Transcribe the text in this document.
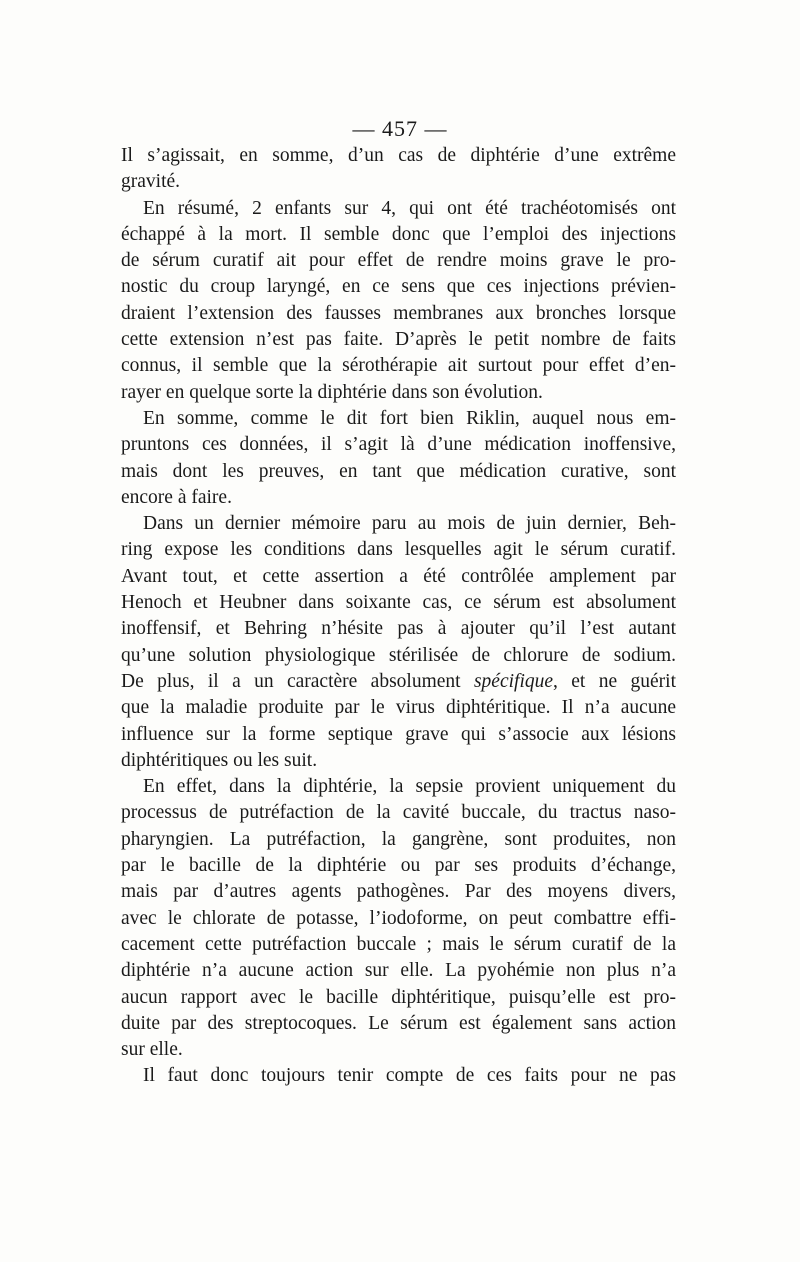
— 457 —
Il s’agissait, en somme, d’un cas de diphtérie d’une extrême
gravité.
En résumé, 2 enfants sur 4, qui ont été trachéotomisés ont
échappé à la mort. Il semble donc que l’emploi des injections
de sérum curatif ait pour effet de rendre moins grave le pro-
nostic du croup laryngé, en ce sens que ces injections prévien-
draient l’extension des fausses membranes aux bronches lorsque
cette extension n’est pas faite. D’après le petit nombre de faits
connus, il semble que la sérothérapie ait surtout pour effet d’en-
rayer en quelque sorte la diphtérie dans son évolution.
En somme, comme le dit fort bien Riklin, auquel nous em-
pruntons ces données, il s’agit là d’une médication inoffensive,
mais dont les preuves, en tant que médication curative, sont
encore à faire.
Dans un dernier mémoire paru au mois de juin dernier, Beh-
ring expose les conditions dans lesquelles agit le sérum curatif.
Avant tout, et cette assertion a été contrôlée amplement par
Henoch et Heubner dans soixante cas, ce sérum est absolument
inoffensif, et Behring n’hésite pas à ajouter qu’il l’est autant
qu’une solution physiologique stérilisée de chlorure de sodium.
De plus, il a un caractère absolument spécifique, et ne guérit
que la maladie produite par le virus diphtéritique. Il n’a aucune
influence sur la forme septique grave qui s’associe aux lésions
diphtéritiques ou les suit.
En effet, dans la diphtérie, la sepsie provient uniquement du
processus de putréfaction de la cavité buccale, du tractus naso-
pharyngien. La putréfaction, la gangrène, sont produites, non
par le bacille de la diphtérie ou par ses produits d’échange,
mais par d’autres agents pathogènes. Par des moyens divers,
avec le chlorate de potasse, l’iodoforme, on peut combattre effi-
cacement cette putréfaction buccale ; mais le sérum curatif de la
diphtérie n’a aucune action sur elle. La pyohémie non plus n’a
aucun rapport avec le bacille diphtéritique, puisqu’elle est pro-
duite par des streptocoques. Le sérum est également sans action
sur elle.
Il faut donc toujours tenir compte de ces faits pour ne pas
